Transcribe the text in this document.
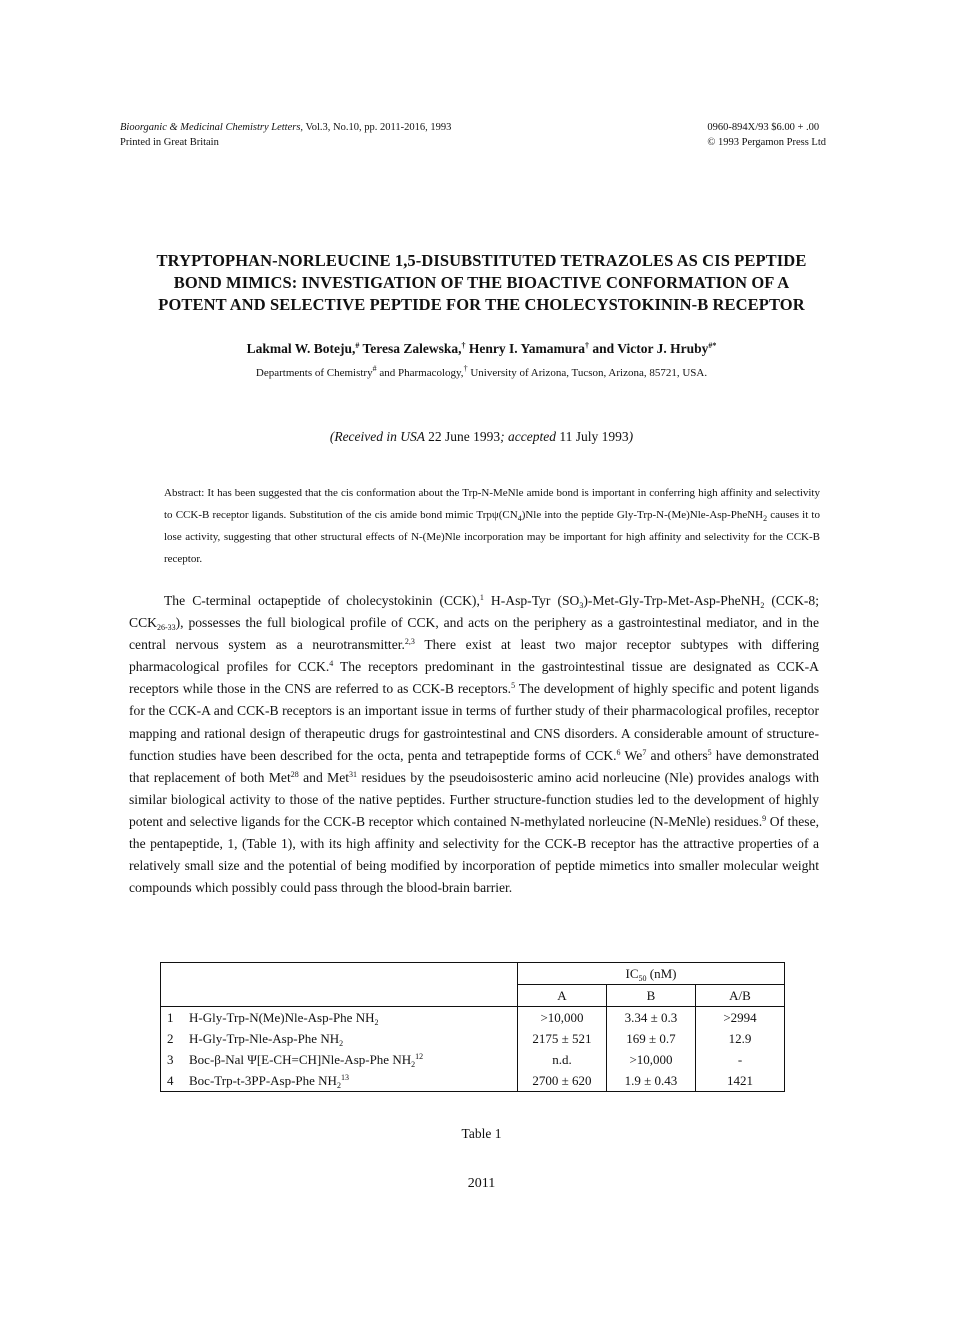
Bioorganic & Medicinal Chemistry Letters, Vol.3, No.10, pp. 2011-2016, 1993
Printed in Great Britain
0960-894X/93 $6.00 + .00
© 1993 Pergamon Press Ltd
TRYPTOPHAN-NORLEUCINE 1,5-DISUBSTITUTED TETRAZOLES AS CIS PEPTIDE
BOND MIMICS: INVESTIGATION OF THE BIOACTIVE CONFORMATION OF A
POTENT AND SELECTIVE PEPTIDE FOR THE CHOLECYSTOKININ-B RECEPTOR
Lakmal W. Boteju,# Teresa Zalewska,† Henry I. Yamamura† and Victor J. Hruby#*
Departments of Chemistry# and Pharmacology,† University of Arizona, Tucson, Arizona, 85721, USA.
(Received in USA 22 June 1993; accepted 11 July 1993)
Abstract: It has been suggested that the cis conformation about the Trp-N-MeNle amide bond is important in conferring high affinity and selectivity to CCK-B receptor ligands. Substitution of the cis amide bond mimic $Trp\psi(CN_4)Nle$ into the peptide Gly-Trp-N-(Me)Nle-Asp-PheNH$_2$ causes it to lose activity, suggesting that other structural effects of N-(Me)Nle incorporation may be important for high affinity and selectivity for the CCK-B receptor.

The C-terminal octapeptide of cholecystokinin (CCK),$^1$ H-Asp-Tyr $(SO_3)-Met-Gly-Trp-Met-Asp-PheNH_2$ (CCK-8; $CCK_{26-33}$), possesses the full biological profile of CCK, and acts on the periphery as a gastrointestinal mediator, and in the central nervous system as a neurotransmitter.$^{2,3}$ There exist at least two major receptor subtypes with differing pharmacological profiles for CCK.$^4$ The receptors predominant in the gastrointestinal tissue are designated as CCK-A receptors while those in the CNS are referred to as CCK-B receptors.$^5$ The development of highly specific and potent ligands for the CCK-A and CCK-B receptors is an important issue in terms of further study of their pharmacological profiles, receptor mapping and rational design of therapeutic drugs for gastrointestinal and CNS disorders. A considerable amount of structure-function studies have been described for the octa, penta and tetrapeptide forms of CCK.$^6$ We$^7$ and others$^5$ have demonstrated that replacement of both Met$^{28}$ and Met$^{31}$ residues by the pseudoisosteric amino acid norleucine (Nle) provides analogs with similar biological activity to those of the native peptides. Further structure-function studies led to the development of highly potent and selective ligands for the CCK-B receptor which contained N-methylated norleucine (N-MeNle) residues.$^9$ Of these, the pentapeptide, 1, (Table 1), with its high affinity and selectivity for the CCK-B receptor has the attractive properties of a relatively small size and the potential of being modified by incorporation of peptide mimetics into smaller molecular weight compounds which possibly could pass through the blood-brain barrier.

		$IC_{50}$ (nM)		
		A	B	A/B
1	H-Gly-Trp-N(Me)Nle-Asp-Phe $NH_2$	>10,000	3.34 ± 0.3	>2994
2	H-Gly-Trp-Nle-Asp-Phe $NH_2$	2175 ± 521	169 ± 0.7	12.9
3	Boc-β-Nal Ψ[E-CH=CH]Nle-Asp-Phe $NH_2^{12}$	n.d.	>10,000	-
4	Boc-Trp-t-3PP-Asp-Phe $NH_2^{13}$	2700 ± 620	1.9 ± 0.43	1421
Table 1
2011
